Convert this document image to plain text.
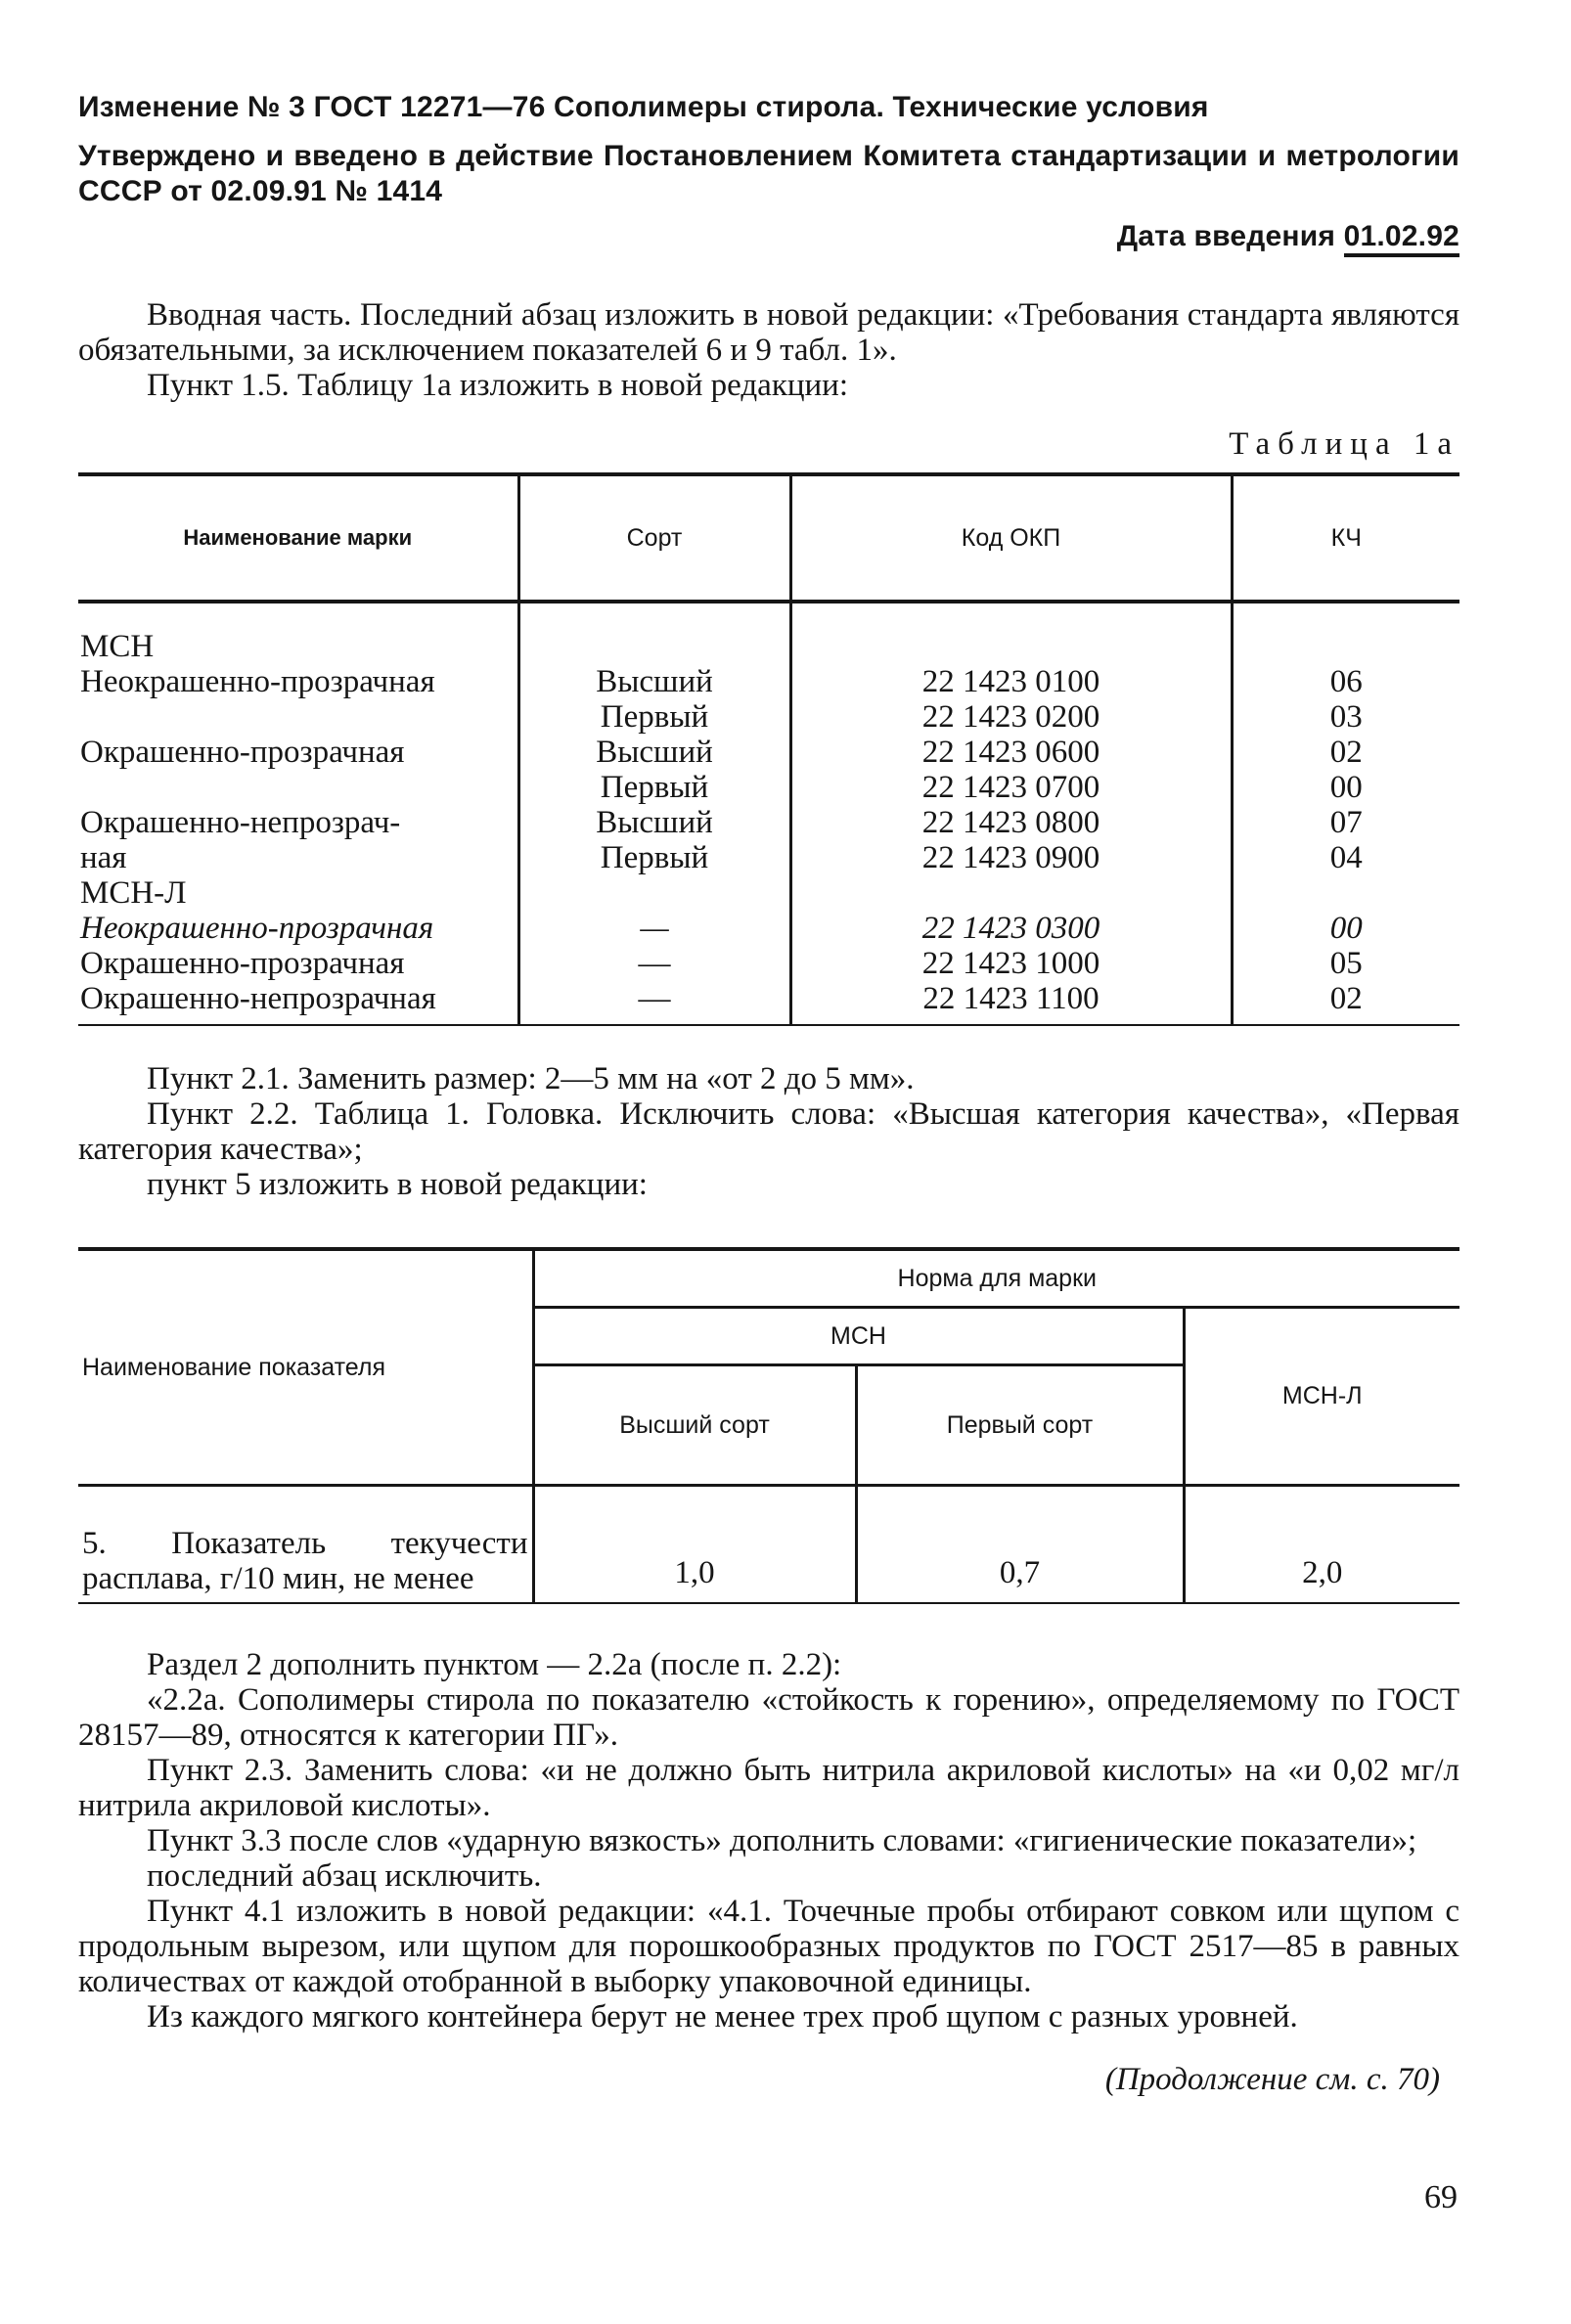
Изменение № 3 ГОСТ 12271—76 Сополимеры стирола. Технические условия
Утверждено и введено в действие Постановлением Комитета стандартизации и метрологии СССР от 02.09.91 № 1414
Дата введения 01.02.92

Вводная часть. Последний абзац изложить в новой редакции: «Требования стандарта являются обязательными, за исключением показателей 6 и 9 табл. 1».

Пункт 1.5. Таблицу 1а изложить в новой редакции:

Таблица 1а
Наименование марки	Сорт	Код ОКП	КЧ
МСН			
Неокрашенно-прозрачная	Высший	22 1423 0100	06
	Первый	22 1423 0200	03
Окрашенно-прозрачная	Высший	22 1423 0600	02
	Первый	22 1423 0700	00
Окрашенно-непрозрач-	Высший	22 1423 0800	07
ная	Первый	22 1423 0900	04
МСН-Л			
Неокрашенно-прозрачная	—	22 1423 0300	00
Окрашенно-прозрачная	—	22 1423 1000	05
Окрашенно-непрозрачная	—	22 1423 1100	02

Пункт 2.1. Заменить размер: 2—5 мм на «от 2 до 5 мм».

Пункт 2.2. Таблица 1. Головка. Исключить слова: «Высшая категория качества», «Первая категория качества»;

пункт 5 изложить в новой редакции:

Наименование показателя	Норма для марки		
	МСН		МСН-Л
	Высший сорт	Первый сорт	
5. Показатель текучести расплава, г/10 мин, не менее	1,0	0,7	2,0

Раздел 2 дополнить пунктом — 2.2а (после п. 2.2):

«2.2а. Сополимеры стирола по показателю «стойкость к горению», определяемому по ГОСТ 28157—89, относятся к категории ПГ».

Пункт 2.3. Заменить слова: «и не должно быть нитрила акриловой кислоты» на «и 0,02 мг/л нитрила акриловой кислоты».

Пункт 3.3 после слов «ударную вязкость» дополнить словами: «гигиенические показатели»;

последний абзац исключить.

Пункт 4.1 изложить в новой редакции: «4.1. Точечные пробы отбирают совком или щупом с продольным вырезом, или щупом для порошкообразных продуктов по ГОСТ 2517—85 в равных количествах от каждой отобранной в выборку упаковочной единицы.

Из каждого мягкого контейнера берут не менее трех проб щупом с разных уровней.

(Продолжение см. с. 70)
69
